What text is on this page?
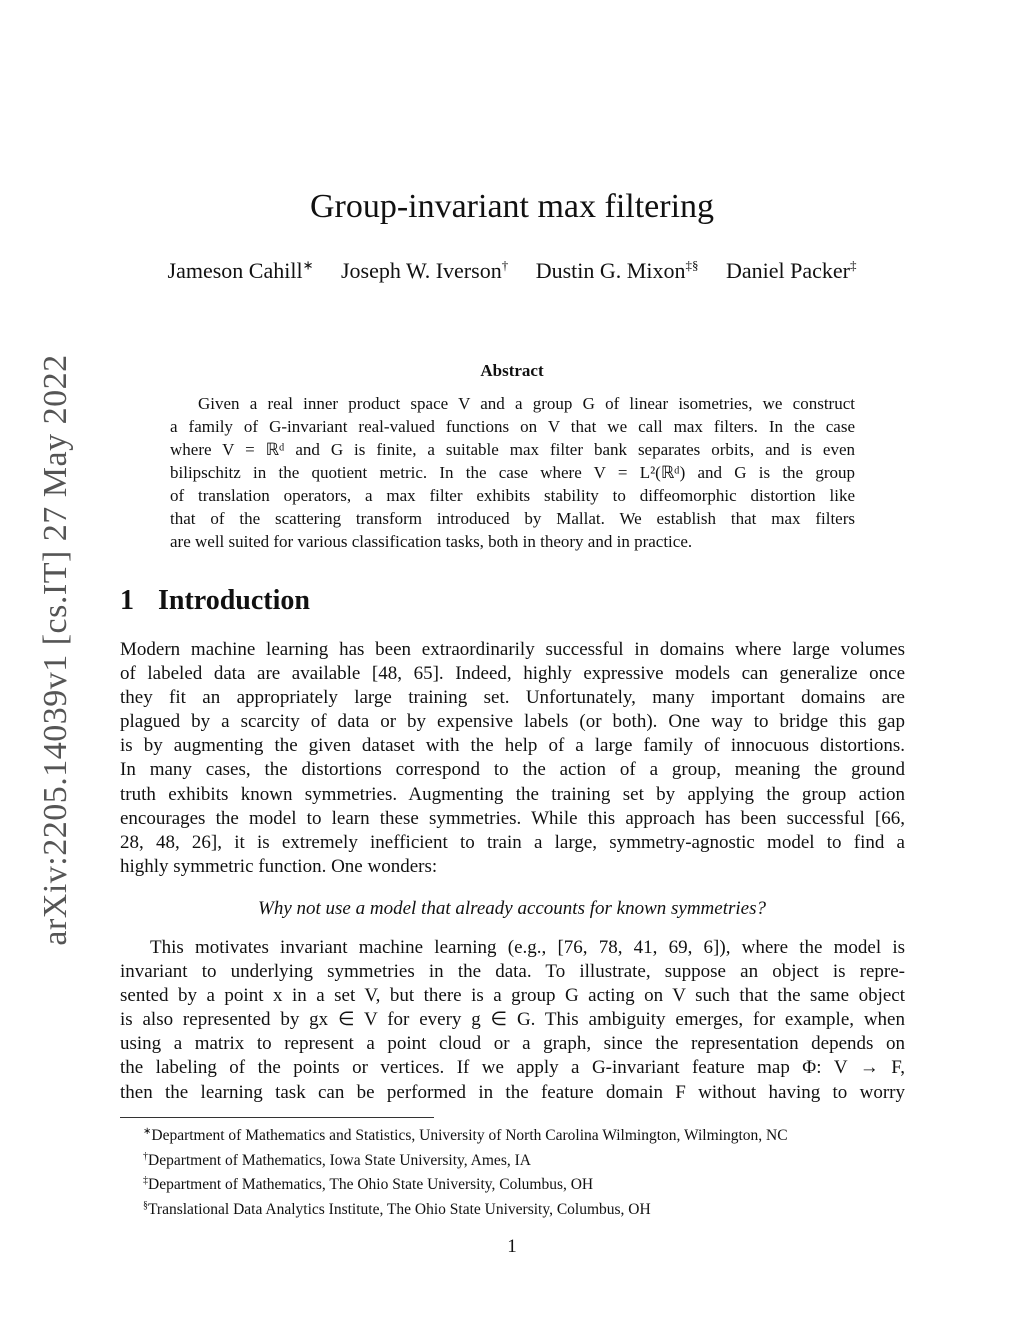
arXiv:2205.14039v1 [cs.IT] 27 May 2022
Group-invariant max filtering
Jameson Cahill∗ Joseph W. Iverson† Dustin G. Mixon‡§ Daniel Packer‡
Abstract
Given a real inner product space V and a group G of linear isometries, we construct
a family of G-invariant real-valued functions on V that we call max filters. In the case
where V = ℝᵈ and G is finite, a suitable max filter bank separates orbits, and is even
bilipschitz in the quotient metric. In the case where V = L²(ℝᵈ) and G is the group
of translation operators, a max filter exhibits stability to diffeomorphic distortion like
that of the scattering transform introduced by Mallat. We establish that max filters
are well suited for various classification tasks, both in theory and in practice.
1 Introduction
Modern machine learning has been extraordinarily successful in domains where large volumes
of labeled data are available [48, 65]. Indeed, highly expressive models can generalize once
they fit an appropriately large training set. Unfortunately, many important domains are
plagued by a scarcity of data or by expensive labels (or both). One way to bridge this gap
is by augmenting the given dataset with the help of a large family of innocuous distortions.
In many cases, the distortions correspond to the action of a group, meaning the ground
truth exhibits known symmetries. Augmenting the training set by applying the group action
encourages the model to learn these symmetries. While this approach has been successful [66,
28, 48, 26], it is extremely inefficient to train a large, symmetry-agnostic model to find a
highly symmetric function. One wonders:
Why not use a model that already accounts for known symmetries?
This motivates invariant machine learning (e.g., [76, 78, 41, 69, 6]), where the model is
invariant to underlying symmetries in the data. To illustrate, suppose an object is repre-
sented by a point x in a set V, but there is a group G acting on V such that the same object
is also represented by gx ∈ V for every g ∈ G. This ambiguity emerges, for example, when
using a matrix to represent a point cloud or a graph, since the representation depends on
the labeling of the points or vertices. If we apply a G-invariant feature map Φ: V → F,
then the learning task can be performed in the feature domain F without having to worry
∗Department of Mathematics and Statistics, University of North Carolina Wilmington, Wilmington, NC
†Department of Mathematics, Iowa State University, Ames, IA
‡Department of Mathematics, The Ohio State University, Columbus, OH
§Translational Data Analytics Institute, The Ohio State University, Columbus, OH
1
